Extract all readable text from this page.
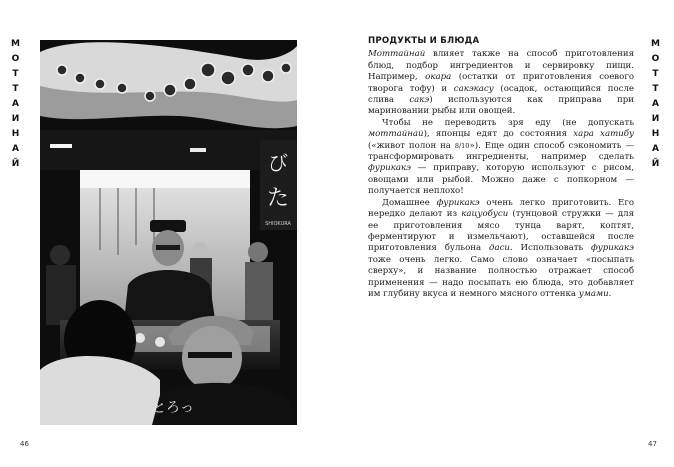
М
О
Т
Т
А
И
Н
А
Й
М
О
Т
Т
А
И
Н
А
Й
び
た
SHIOKURA
とろっ
ПРОДУКТЫ И БЛЮДА

Моттайнай влияет также на способ приготовления блюд, подбор ингредиентов и сервировку пищи. Например, окара (остатки от приготовления соевого творога тофу) и сакэкасу (осадок, остающийся после слива сакэ) используются как приправа при мариновании рыбы или овощей.

Чтобы не переводить зря еду (не допускать моттайнай), японцы едят до состояния хара хатибу («живот полон на 8/10»). Еще один способ сэкономить — трансформировать ингредиенты, например сделать фурикакэ — приправу, которую используют с рисом, овощами или рыбой. Можно даже с попкорном — получается неплохо!

Домашнее фурикакэ очень легко приготовить. Его нередко делают из кацуобуси (тунцовой стружки — для ее приготовления мясо тунца варят, коптят, ферментируют и измельчают), оставшейся после приготовления бульона даси. Использовать фурикакэ тоже очень легко. Само слово означает «посыпать сверху», и название полностью отражает способ применения — надо посыпать ею блюда, это добавляет им глубину вкуса и немного мясного оттенка умами.

46	47
